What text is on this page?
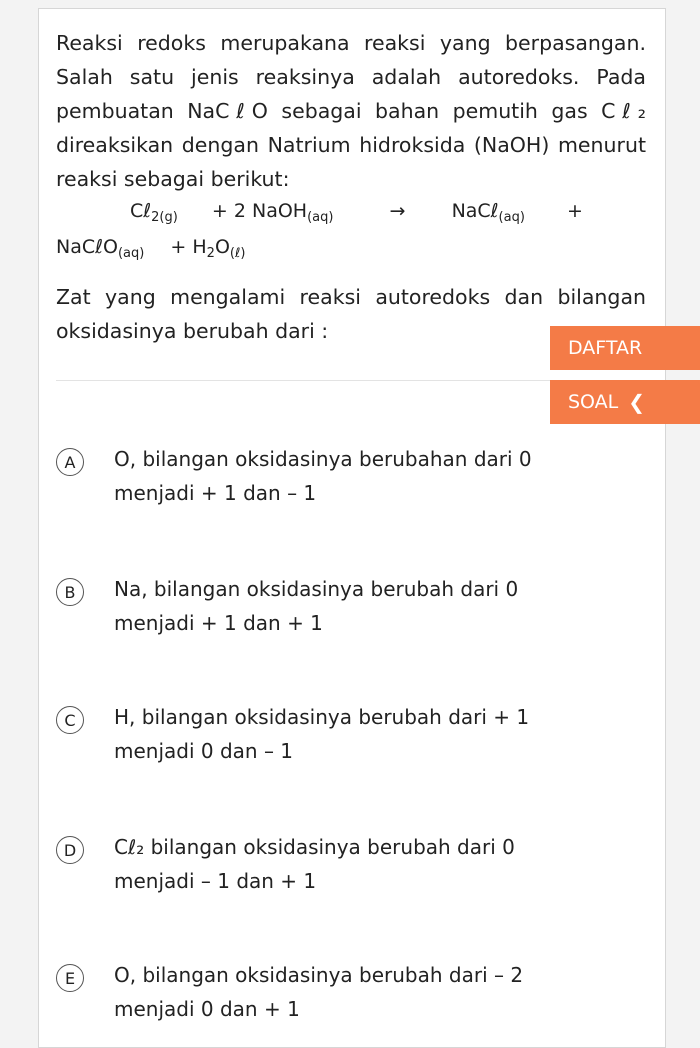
Reaksi redoks merupakana reaksi yang berpasangan. Salah satu jenis reaksinya adalah autoredoks. Pada pembuatan NaCℓO sebagai bahan pemutih gas Cℓ₂ direaksikan dengan Natrium hidroksida (NaOH) menurut reaksi sebagai berikut:

Cℓ$_{2(g)}$ + 2 NaOH$_{(aq)}$	→ NaCℓ$_{(aq)}$ +
NaCℓO$_{(aq)}$ + $H_2O_{(\ell)}$

Zat yang mengalami reaksi autoredoks dan bilangan oksidasinya berubah dari :

DAFTAR
SOAL ❮
A	O, bilangan oksidasinya berubahan dari 0
menjadi + 1 dan – 1
B	Na, bilangan oksidasinya berubah dari 0
menjadi + 1 dan + 1
C	H, bilangan oksidasinya berubah dari + 1
menjadi 0 dan – 1
D	Cℓ₂ bilangan oksidasinya berubah dari 0
menjadi – 1 dan + 1
E	O, bilangan oksidasinya berubah dari – 2
menjadi 0 dan + 1
